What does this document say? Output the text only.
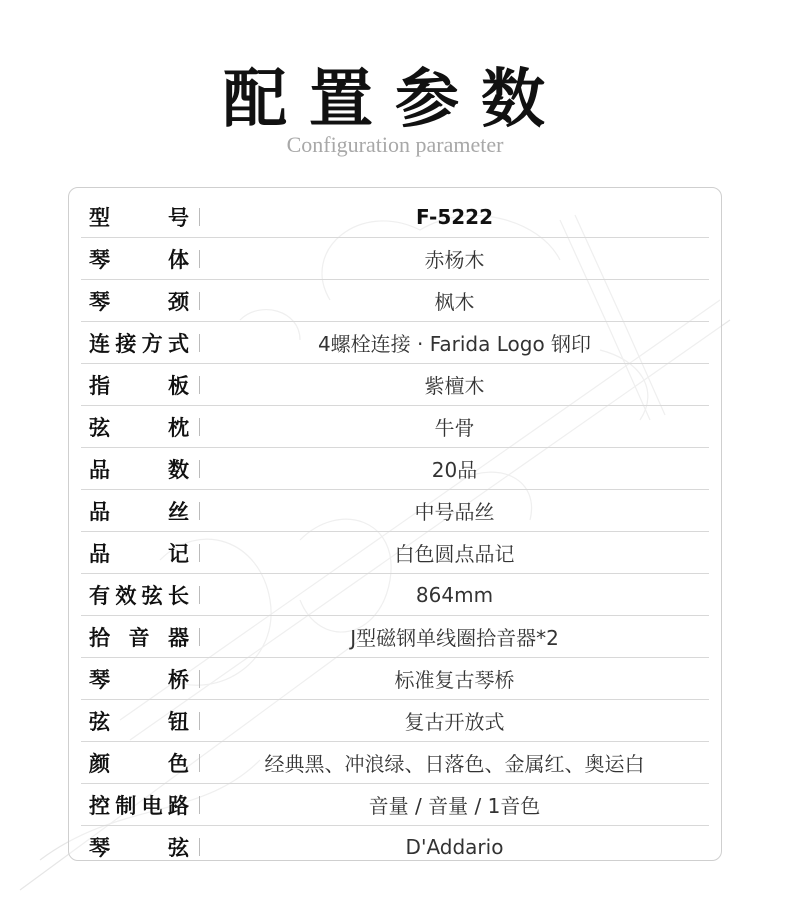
配置参数
Configuration parameter
型	号	F-5222
琴	体	赤杨木
琴	颈	枫木
连 接 方 式	4螺栓连接 · Farida Logo 钢印
指	板	紫檀木
弦	枕	牛骨
品	数	20品
品	丝	中号品丝
品	记	白色圆点品记
有 效 弦 长	864mm
拾 音 器	J型磁钢单线圈拾音器*2
琴	桥	标准复古琴桥
弦	钮	复古开放式
颜	色	经典黑、冲浪绿、日落色、金属红、奥运白
控 制 电 路	音量 / 音量 / 1音色
琴	弦	D'Addario
